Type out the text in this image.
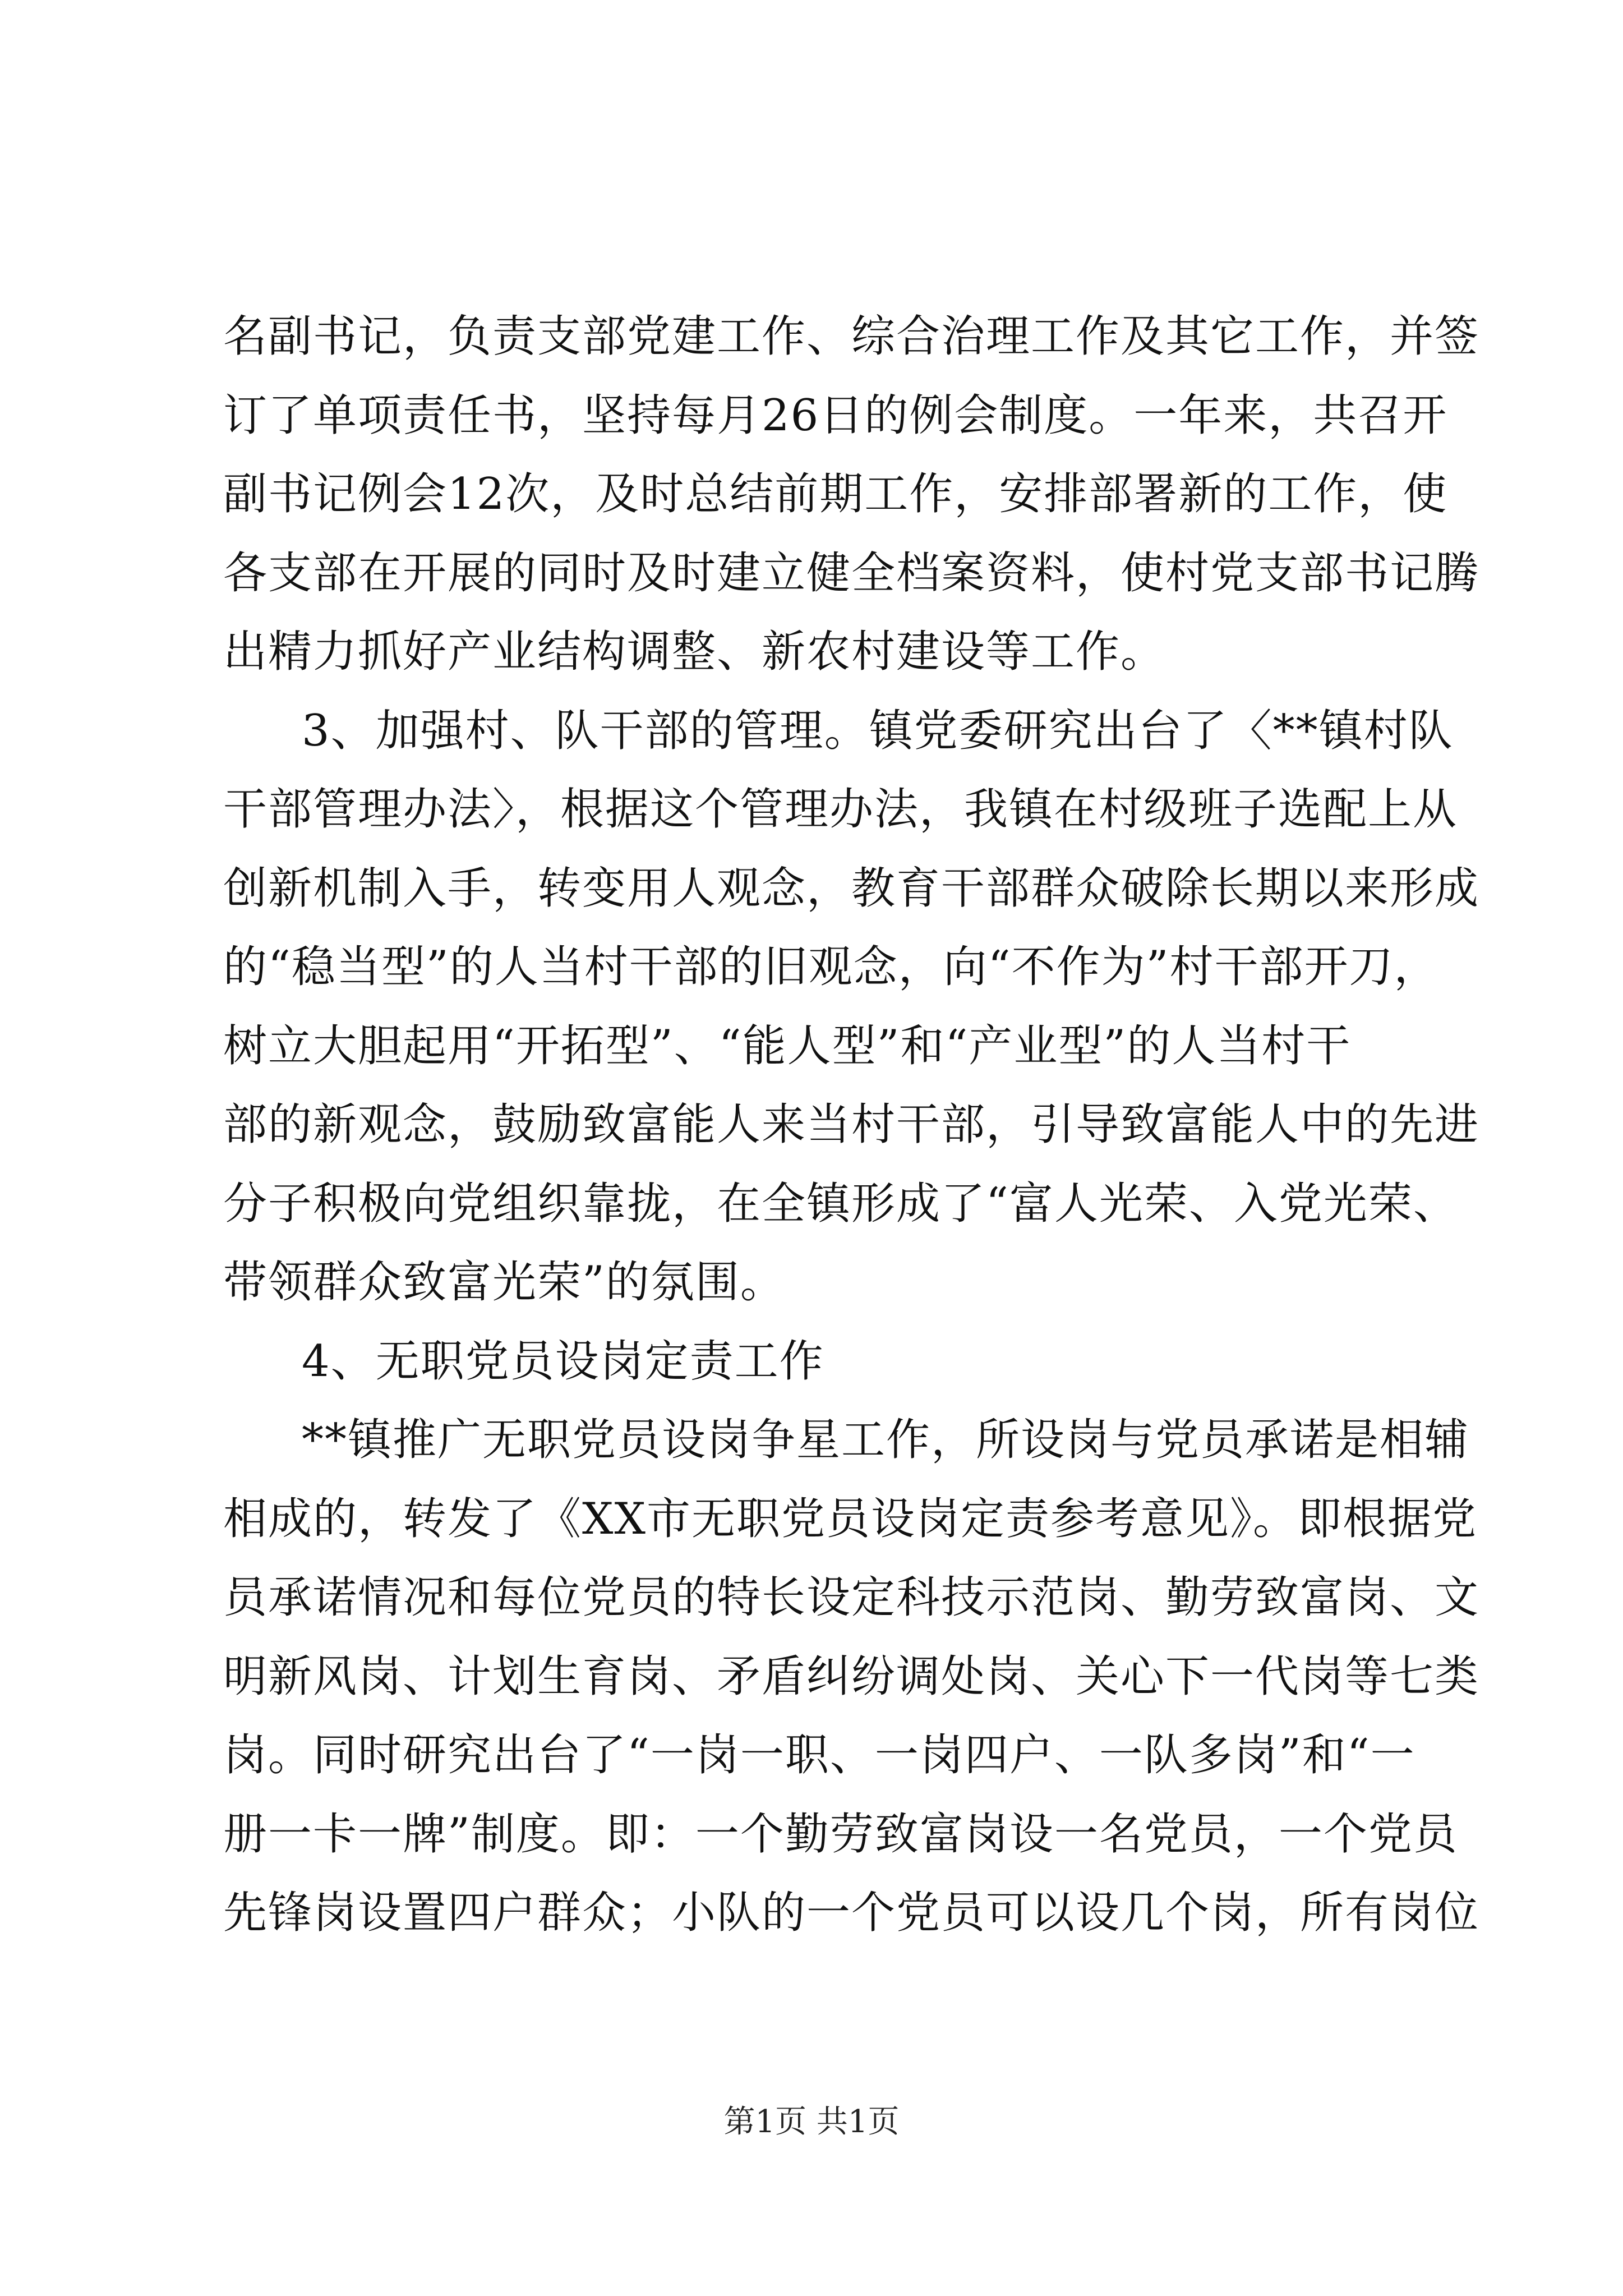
名副书记，负责支部党建工作、综合治理工作及其它工作，并签
订了单项责任书，坚持每月26日的例会制度。一年来，共召开
副书记例会12次，及时总结前期工作，安排部署新的工作，使
各支部在开展的同时及时建立健全档案资料，使村党支部书记腾
出精力抓好产业结构调整、新农村建设等工作。
3、加强村、队干部的管理。镇党委研究出台了〈**镇村队
干部管理办法〉，根据这个管理办法，我镇在村级班子选配上从
创新机制入手，转变用人观念，教育干部群众破除长期以来形成
的“稳当型”的人当村干部的旧观念，向“不作为”村干部开刀，
树立大胆起用“开拓型”、“能人型”和“产业型”的人当村干
部的新观念，鼓励致富能人来当村干部，引导致富能人中的先进
分子积极向党组织靠拢，在全镇形成了“富人光荣、入党光荣、
带领群众致富光荣”的氛围。
4、无职党员设岗定责工作
**镇推广无职党员设岗争星工作，所设岗与党员承诺是相辅
相成的，转发了《XX市无职党员设岗定责参考意见》。即根据党
员承诺情况和每位党员的特长设定科技示范岗、勤劳致富岗、文
明新风岗、计划生育岗、矛盾纠纷调处岗、关心下一代岗等七类
岗。同时研究出台了“一岗一职、一岗四户、一队多岗”和“一
册一卡一牌”制度。即：一个勤劳致富岗设一名党员，一个党员
先锋岗设置四户群众；小队的一个党员可以设几个岗，所有岗位
第1页 共1页
